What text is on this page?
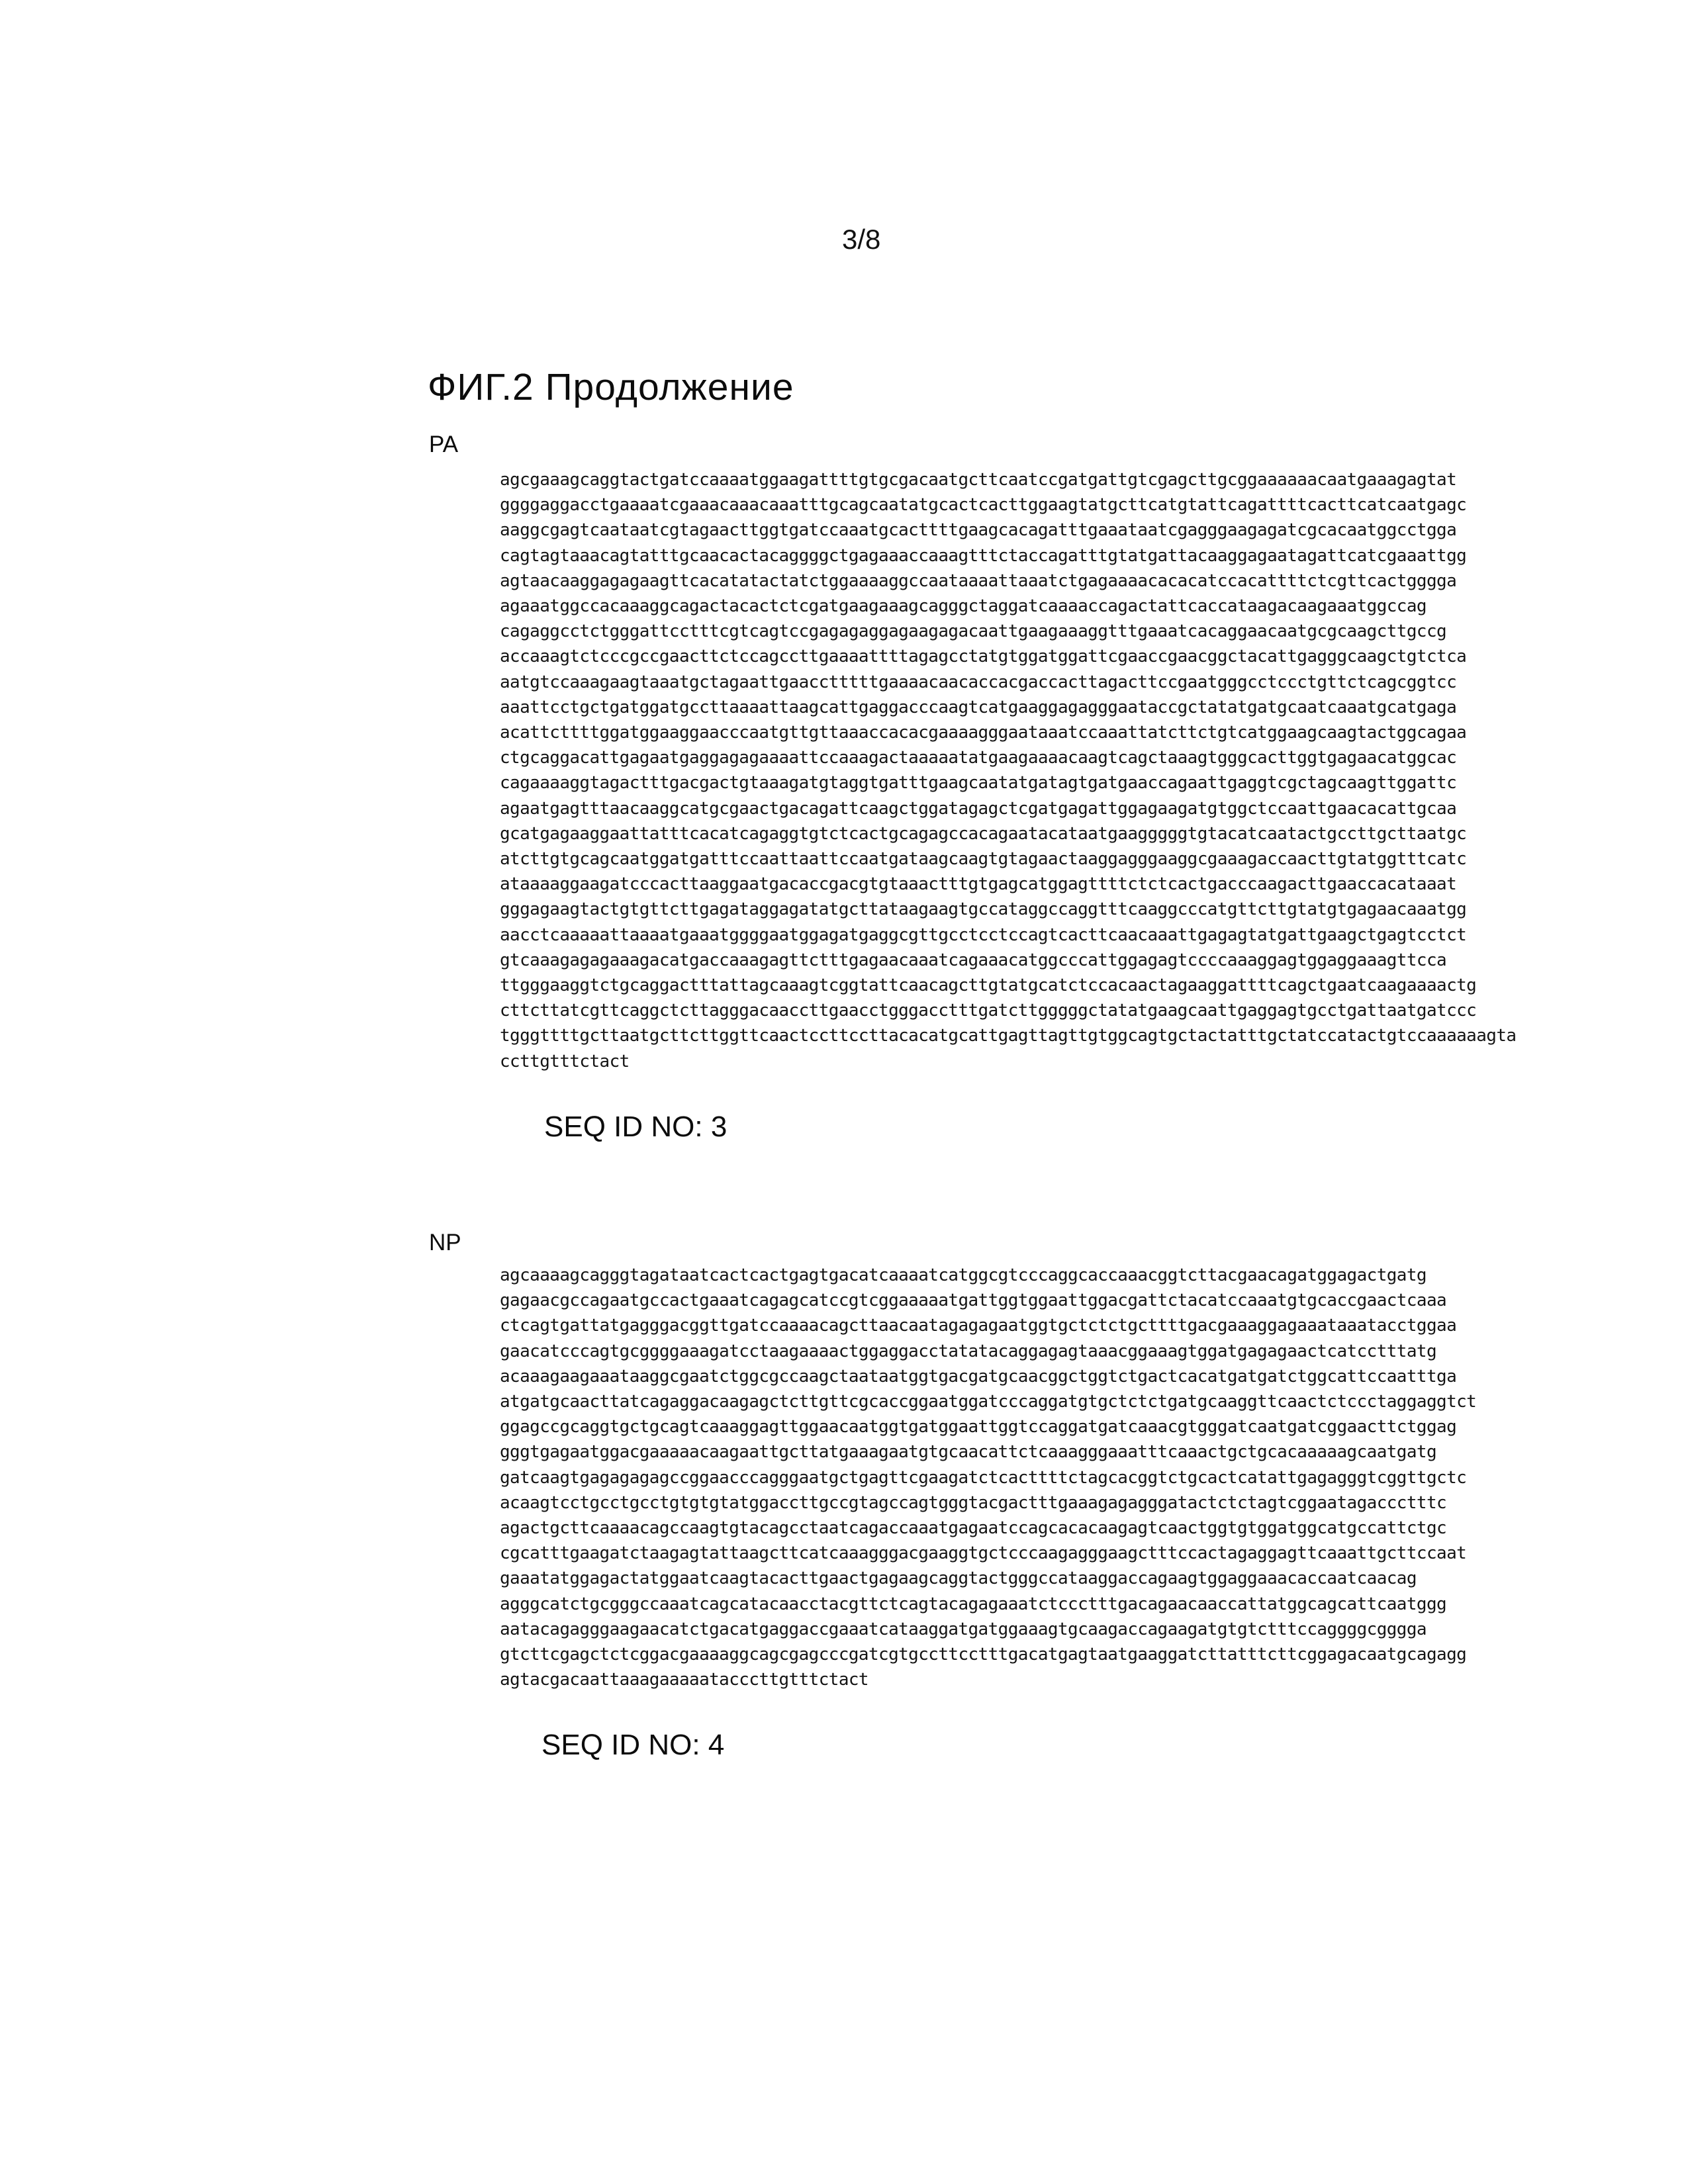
3/8
ФИГ.2 Продолжение
PA
agcgaaagcaggtactgatccaaaatggaagattttgtgcgacaatgcttcaatccgatgattgtcgagcttgcggaaaaaacaatgaaagagtat
ggggaggacctgaaaatcgaaacaaacaaatttgcagcaatatgcactcacttggaagtatgcttcatgtattcagattttcacttcatcaatgagc
aaggcgagtcaataatcgtagaacttggtgatccaaatgcacttttgaagcacagatttgaaataatcgagggaagagatcgcacaatggcctgga
cagtagtaaacagtatttgcaacactacaggggctgagaaaccaaagtttctaccagatttgtatgattacaaggagaatagattcatcgaaattgg
agtaacaaggagagaagttcacatatactatctggaaaaggccaataaaattaaatctgagaaaacacacatccacattttctcgttcactgggga
agaaatggccacaaaggcagactacactctcgatgaagaaagcagggctaggatcaaaaccagactattcaccataagacaagaaatggccag
cagaggcctctgggattcctttcgtcagtccgagagaggagaagagacaattgaagaaaggtttgaaatcacaggaacaatgcgcaagcttgccg
accaaagtctcccgccgaacttctccagccttgaaaattttagagcctatgtggatggattcgaaccgaacggctacattgagggcaagctgtctca
aatgtccaaagaagtaaatgctagaattgaacctttttgaaaacaacaccacgaccacttagacttccgaatgggcctccctgttctcagcggtcc
aaattcctgctgatggatgccttaaaattaagcattgaggacccaagtcatgaaggagagggaataccgctatatgatgcaatcaaatgcatgaga
acattcttttggatggaaggaacccaatgttgttaaaccacacgaaaagggaataaatccaaattatcttctgtcatggaagcaagtactggcagaa
ctgcaggacattgagaatgaggagagaaaattccaaagactaaaaatatgaagaaaacaagtcagctaaagtgggcacttggtgagaacatggcac
cagaaaaggtagactttgacgactgtaaagatgtaggtgatttgaagcaatatgatagtgatgaaccagaattgaggtcgctagcaagttggattc
agaatgagtttaacaaggcatgcgaactgacagattcaagctggatagagctcgatgagattggagaagatgtggctccaattgaacacattgcaa
gcatgagaaggaattatttcacatcagaggtgtctcactgcagagccacagaatacataatgaagggggtgtacatcaatactgccttgcttaatgc
atcttgtgcagcaatggatgatttccaattaattccaatgataagcaagtgtagaactaaggagggaaggcgaaagaccaacttgtatggtttcatc
ataaaaggaagatcccacttaaggaatgacaccgacgtgtaaactttgtgagcatggagttttctctcactgacccaagacttgaaccacataaat
gggagaagtactgtgttcttgagataggagatatgcttataagaagtgccataggccaggtttcaaggcccatgttcttgtatgtgagaacaaatgg
aacctcaaaaattaaaatgaaatggggaatggagatgaggcgttgcctcctccagtcacttcaacaaattgagagtatgattgaagctgagtcctct
gtcaaagagagaaagacatgaccaaagagttctttgagaacaaatcagaaacatggcccattggagagtccccaaaggagtggaggaaagttcca
ttgggaaggtctgcaggactttattagcaaagtcggtattcaacagcttgtatgcatctccacaactagaaggattttcagctgaatcaagaaaactg
cttcttatcgttcaggctcttagggacaaccttgaacctgggacctttgatcttgggggctatatgaagcaattgaggagtgcctgattaatgatccc
tgggttttgcttaatgcttcttggttcaactccttccttacacatgcattgagttagttgtggcagtgctactatttgctatccatactgtccaaaaaagta
ccttgtttctact
SEQ ID NO: 3
NP
agcaaaagcagggtagataatcactcactgagtgacatcaaaatcatggcgtcccaggcaccaaacggtcttacgaacagatggagactgatg
gagaacgccagaatgccactgaaatcagagcatccgtcggaaaaatgattggtggaattggacgattctacatccaaatgtgcaccgaactcaaa
ctcagtgattatgagggacggttgatccaaaacagcttaacaatagagagaatggtgctctctgcttttgacgaaaggagaaataaatacctggaa
gaacatcccagtgcggggaaagatcctaagaaaactggaggacctatatacaggagagtaaacggaaagtggatgagagaactcatcctttatg
acaaagaagaaataaggcgaatctggcgccaagctaataatggtgacgatgcaacggctggtctgactcacatgatgatctggcattccaatttga
atgatgcaacttatcagaggacaagagctcttgttcgcaccggaatggatcccaggatgtgctctctgatgcaaggttcaactctccctaggaggtct
ggagccgcaggtgctgcagtcaaaggagttggaacaatggtgatggaattggtccaggatgatcaaacgtgggatcaatgatcggaacttctggag
gggtgagaatggacgaaaaacaagaattgcttatgaaagaatgtgcaacattctcaaagggaaatttcaaactgctgcacaaaaagcaatgatg
gatcaagtgagagagagccggaacccagggaatgctgagttcgaagatctcacttttctagcacggtctgcactcatattgagagggtcggttgctc
acaagtcctgcctgcctgtgtgtatggaccttgccgtagccagtgggtacgactttgaaagagagggatactctctagtcggaatagaccctttc
agactgcttcaaaacagccaagtgtacagcctaatcagaccaaatgagaatccagcacacaagagtcaactggtgtggatggcatgccattctgc
cgcatttgaagatctaagagtattaagcttcatcaaagggacgaaggtgctcccaagagggaagctttccactagaggagttcaaattgcttccaat
gaaatatggagactatggaatcaagtacacttgaactgagaagcaggtactgggccataaggaccagaagtggaggaaacaccaatcaacag
agggcatctgcgggccaaatcagcatacaacctacgttctcagtacagagaaatctccctttgacagaacaaccattatggcagcattcaatggg
aatacagagggaagaacatctgacatgaggaccgaaatcataaggatgatggaaagtgcaagaccagaagatgtgtctttccaggggcgggga
gtcttcgagctctcggacgaaaaggcagcgagcccgatcgtgccttcctttgacatgagtaatgaaggatcttatttcttcggagacaatgcagagg
agtacgacaattaaagaaaaatacccttgtttctact
SEQ ID NO: 4
